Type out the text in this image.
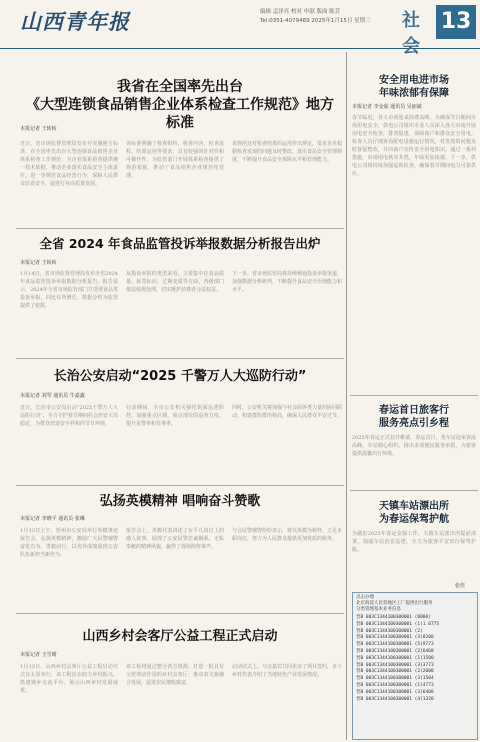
山西青年报	编辑 孟泽亮 校对 申淑 版面 陈芳
Tel:0351-4079469 2025年1月15日 星期三 社会
13
我省在全国率先出台
《大型连锁食品销售企业体系检查工作规范》地方标准
本报记者 王转转
近日，省市场监督管理局发布并实施地方标准，在全国率先出台大型连锁食品销售企业体系检查工作规范，为企业体系检查提供统一技术依据，推动企业落实食品安全主体责任，进一步规范食品经营行为，保障人民群众饮食安全，促进行业高质量发展。
该标准明确了检查组织、检查内容、检查流程、结果运用等要求，具有较强的针对性和可操作性，为监管部门开展体系检查提供了规范依据，推动了食品销售企业规范化管理。
该规范还对检查结果的运用作出规定，要求企业根据检查发现的问题及时整改，落实食品安全管理制度，不断提升食品安全保障水平和管理能力。
全省 2024 年食品监管投诉举报数据分析报告出炉
本报记者 王转转
1月14日，省市场监督管理局发布全省2024年食品监管投诉举报数据分析报告。报告显示，2024年全省市场监管部门共受理食品类投诉举报，同比有所增长，数据分析为监管提供了依据。
从投诉举报的类型来看，主要集中在食品质量、标签标识、过期变质等方面，各级部门依法依规处理，切实维护消费者合法权益。
下一步，省市场监管局将持续畅通投诉举报渠道，加强数据分析研判，不断提升食品安全治理能力和水平。
长治公安启动“2025 千警万人大巡防行动”
本报记者 刘琴 通讯员 牛嘉鑫
近日，长治市公安局启动“2025千警万人大巡防行动”，全力守护春节期间社会治安大局稳定，为群众营造安全祥和的节日环境。
行动期间，全市公安机关强化街面巡逻防控，加强重点区域、重点部位的巡查力度，提升见警率和管事率。
同时，公安机关将加强与社会面各类力量的协同联动，构建群防群治格局，确保人民群众平安过节。
弘扬英模精神 唱响奋斗赞歌
本报记者 李晓平 通讯员 张琳
1月13日上午，忻州市公安局举行英模事迹报告会，弘扬英模精神，激励广大民警辅警奋发有为、勇毅前行，以优异成绩展现公安队伍新担当新作为。
报告会上，英模代表讲述了在平凡岗位上的感人故事，展现了公安民警忠诚履职、无私奉献的精神风貌，赢得了现场阵阵掌声。
与会民警辅警纷纷表示，将以英模为榜样，立足本职岗位，努力为人民群众提供更加优质的服务。
山西乡村会客厅公益工程正式启动
本报记者 王雪晴
1月13日，山西乡村会客厅公益工程启动仪式在太原举行，该工程旨在助力乡村振兴，搭建城乡交流平台，展示山西乡村发展成果。
该工程将通过整合各方资源，打造一批具有示范带动作用的乡村会客厅，推动农文旅融合发展，促进农民增收致富。
启动仪式上，与会嘉宾共同见证了项目签约，多个乡村代表介绍了当地特色产业发展情况。
安全用电进市场
年味浓郁有保障
本报记者 李金茹 通讯员 吴丽斌
春节临近，各大市场迎来消费高峰。为确保节日期间市场用电安全，供电公司组织专业人员深入各大市场开展用电安全检查，排查隐患，保障商户和群众安全用电。检查人员仔细查看配电设施运行情况，对发现的问题及时督促整改，并向商户宣传安全用电知识。通过一系列措施，市场用电秩序井然，年味更加浓郁。下一步，供电公司将持续加强巡视检查，确保春节期间电力可靠供应。
春运首日旅客行
服务亮点引乡程
2025年春运正式拉开帷幕，春运首日，各车站迎来客流高峰。车站精心组织，推出多项便民服务举措，为旅客提供温馨出行环境。
天镇车站漂出所
为春运保驾护航
为做好2025年春运安保工作，天镇车站派出所提前部署，加强车站治安巡逻，全力为旅客平安出行保驾护航。
张佳
点击办理
北京海淀人民营地区工厂提供出行服务
分类管理基本业务信息
晋B 003C1344100300001 (0000)
晋B 003C1344100300001 (1)1.0775
晋B 003C1344100300001 (2)
晋B 003C1344100300001 (3)8200
晋B 003C1344100300001 (5)9773
晋B 003C1344100300001 (2)6468
晋B 003C1344100300001 (1)1500
晋B 003C1344100300001 (3)3773
晋B 003C1344100300001 (2)2000
晋B 003C1344100300001 (3)1504
晋B 003C1344100300001 (1)4773
晋B 003C1344100300001 (3)6408
晋B 003C1344100300001 (4)1320
